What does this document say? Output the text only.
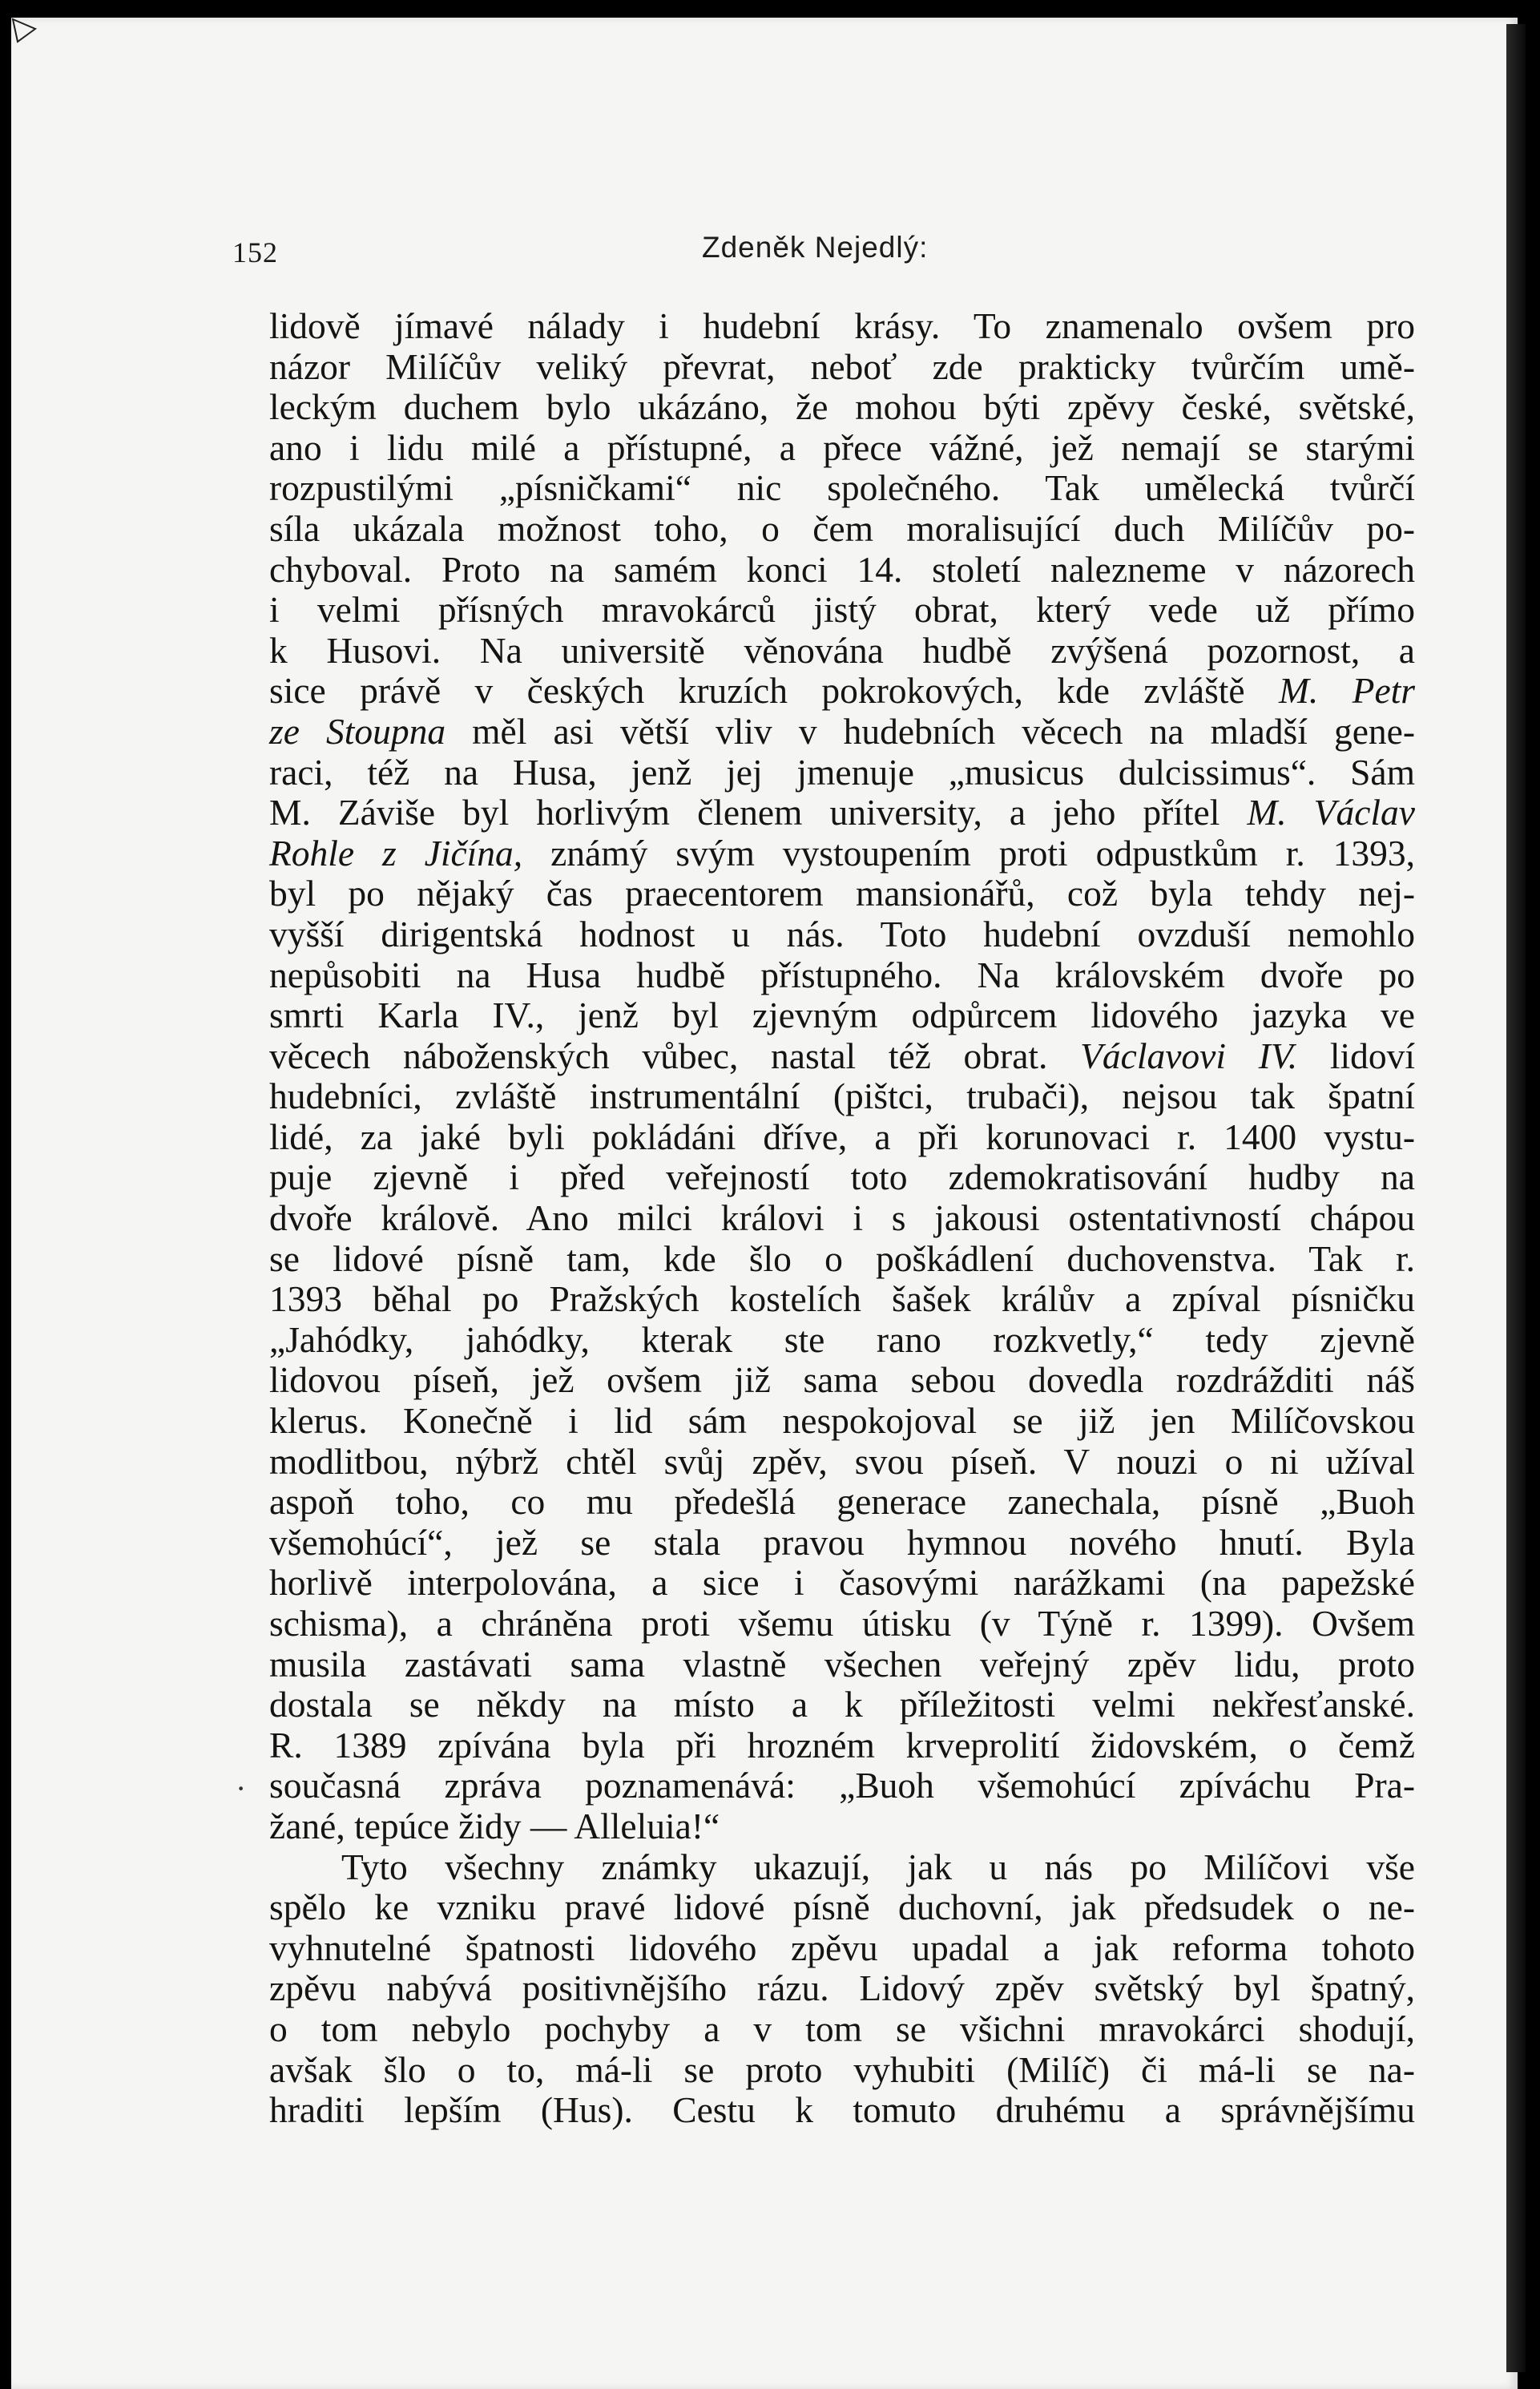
152	Zdeněk Nejedlý:
lidově jímavé nálady i hudební krásy. To znamenalo ovšem pro
názor Milíčův veliký převrat, neboť zde prakticky tvůrčím umě-
leckým duchem bylo ukázáno, že mohou býti zpěvy české, světské,
ano i lidu milé a přístupné, a přece vážné, jež nemají se starými
rozpustilými „písničkami“ nic společného. Tak umělecká tvůrčí
síla ukázala možnost toho, o čem moralisující duch Milíčův po-
chyboval. Proto na samém konci 14. století nalezneme v názorech
i velmi přísných mravokárců jistý obrat, který vede už přímo
k Husovi. Na universitě věnována hudbě zvýšená pozornost, a
sice právě v českých kruzích pokrokových, kde zvláště M. Petr
ze Stoupna měl asi větší vliv v hudebních věcech na mladší gene-
raci, též na Husa, jenž jej jmenuje „musicus dulcissimus“. Sám
M. Záviše byl horlivým členem university, a jeho přítel M. Václav
Rohle z Jičína, známý svým vystoupením proti odpustkům r. 1393,
byl po nějaký čas praecentorem mansionářů, což byla tehdy nej-
vyšší dirigentská hodnost u nás. Toto hudební ovzduší nemohlo
nepůsobiti na Husa hudbě přístupného. Na královském dvoře po
smrti Karla IV., jenž byl zjevným odpůrcem lidového jazyka ve
věcech náboženských vůbec, nastal též obrat. Václavovi IV. lidoví
hudebníci, zvláště instrumentální (pištci, trubači), nejsou tak špatní
lidé, za jaké byli pokládáni dříve, a při korunovaci r. 1400 vystu-
puje zjevně i před veřejností toto zdemokratisování hudby na
dvoře královĕ. Ano milci královi i s jakousi ostentativností chápou
se lidové písně tam, kde šlo o poškádlení duchovenstva. Tak r.
1393 běhal po Pražských kostelích šašek králův a zpíval písničku
„Jahódky, jahódky, kterak ste rano rozkvetly,“ tedy zjevně
lidovou píseň, jež ovšem již sama sebou dovedla rozdrážditi náš
klerus. Konečně i lid sám nespokojoval se již jen Milíčovskou
modlitbou, nýbrž chtěl svůj zpěv, svou píseň. V nouzi o ni užíval
aspoň toho, co mu předešlá generace zanechala, písně „Buoh
všemohúcí“, jež se stala pravou hymnou nového hnutí. Byla
horlivě interpolována, a sice i časovými narážkami (na papežské
schisma), a chráněna proti všemu útisku (v Týně r. 1399). Ovšem
musila zastávati sama vlastně všechen veřejný zpěv lidu, proto
dostala se někdy na místo a k příležitosti velmi nekřesťanské.
R. 1389 zpívána byla při hrozném krveprolití židovském, o čemž
současná zpráva poznamenává: „Buoh všemohúcí zpíváchu Pra-
žané, tepúce židy — Alleluia!“
Tyto všechny známky ukazují, jak u nás po Milíčovi vše
spělo ke vzniku pravé lidové písně duchovní, jak předsudek o ne-
vyhnutelné špatnosti lidového zpěvu upadal a jak reforma tohoto
zpěvu nabývá positivnějšího rázu. Lidový zpěv světský byl špatný,
o tom nebylo pochyby a v tom se všichni mravokárci shodují,
avšak šlo o to, má-li se proto vyhubiti (Milíč) či má-li se na-
hraditi lepším (Hus). Cestu k tomuto druhému a správnějšímu
·
